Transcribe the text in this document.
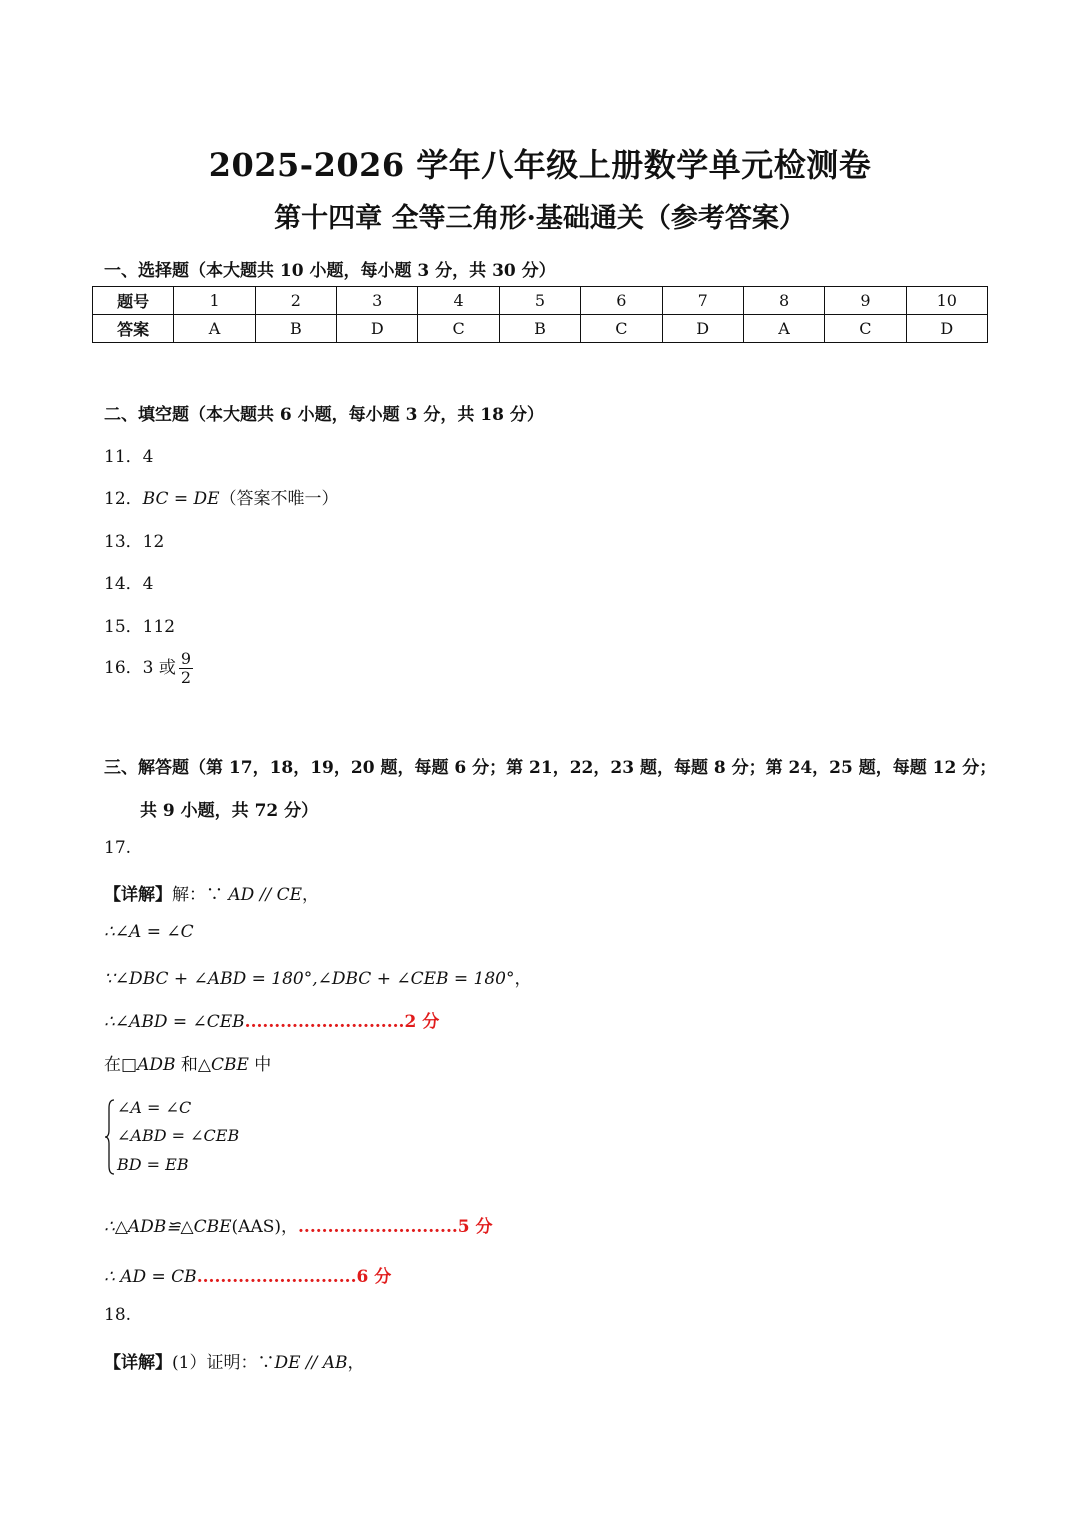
2025-2026 学年八年级上册数学单元检测卷
第十四章 全等三角形·基础通关（参考答案）
一、选择题（本大题共 10 小题，每小题 3 分，共 30 分）
题号	1	2	3	4	5	6	7	8	9	10
答案	A	B	D	C	B	C	D	A	C	D
二、填空题（本大题共 6 小题，每小题 3 分，共 18 分）
11．4
12．BC = DE（答案不唯一）
13．12
14．4
15．112
16．3 或 $\frac{9}{2}$
三、解答题（第 17，18，19，20 题，每题 6 分；第 21，22，23 题，每题 8 分；第 24，25 题，每题 12 分；
共 9 小题，共 72 分）
17.
【详解】解：∵ AD // CE，
∴∠A = ∠C
∵∠DBC + ∠ABD = 180°,∠DBC + ∠CEB = 180°，
∴∠ABD = ∠CEB...........................2 分
在□ADB 和△CBE 中
∠A = ∠C
∠ABD = ∠CEB
BD = EB
∴△ADB≌△CBE(AAS)，...........................5 分
∴ AD = CB...........................6 分
18.
【详解】(1）证明：∵DE // AB，
